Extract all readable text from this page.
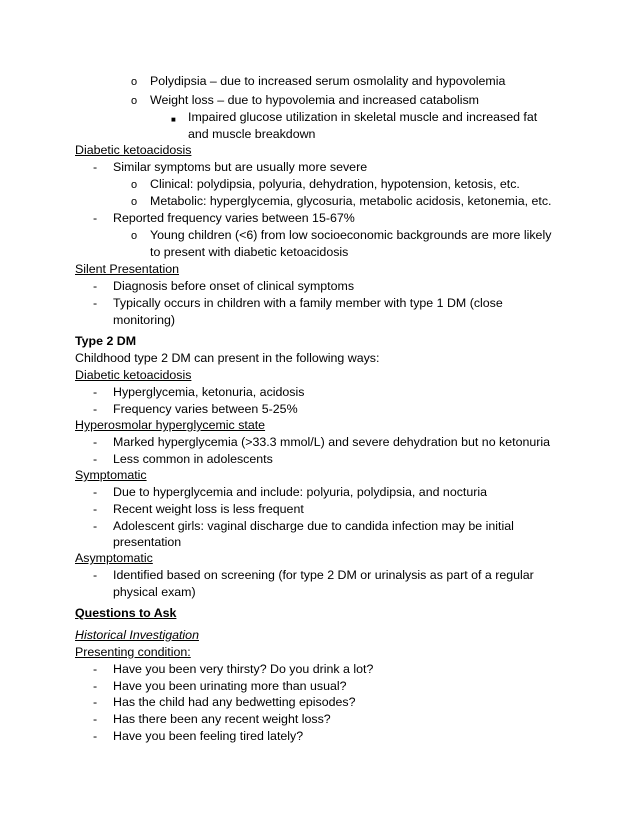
o Polydipsia – due to increased serum osmolality and hypovolemia
o Weight loss – due to hypovolemia and increased catabolism
■ Impaired glucose utilization in skeletal muscle and increased fat
and muscle breakdown
Diabetic ketoacidosis
- Similar symptoms but are usually more severe
o Clinical: polydipsia, polyuria, dehydration, hypotension, ketosis, etc.
o Metabolic: hyperglycemia, glycosuria, metabolic acidosis, ketonemia, etc.
- Reported frequency varies between 15-67%
o Young children (<6) from low socioeconomic backgrounds are more likely
to present with diabetic ketoacidosis
Silent Presentation
- Diagnosis before onset of clinical symptoms
- Typically occurs in children with a family member with type 1 DM (close
monitoring)
Type 2 DM
Childhood type 2 DM can present in the following ways:
Diabetic ketoacidosis
- Hyperglycemia, ketonuria, acidosis
- Frequency varies between 5-25%
Hyperosmolar hyperglycemic state
- Marked hyperglycemia (>33.3 mmol/L) and severe dehydration but no ketonuria
- Less common in adolescents
Symptomatic
- Due to hyperglycemia and include: polyuria, polydipsia, and nocturia
- Recent weight loss is less frequent
- Adolescent girls: vaginal discharge due to candida infection may be initial
presentation
Asymptomatic
- Identified based on screening (for type 2 DM or urinalysis as part of a regular
physical exam)
Questions to Ask
Historical Investigation
Presenting condition:
- Have you been very thirsty? Do you drink a lot?
- Have you been urinating more than usual?
- Has the child had any bedwetting episodes?
- Has there been any recent weight loss?
- Have you been feeling tired lately?
